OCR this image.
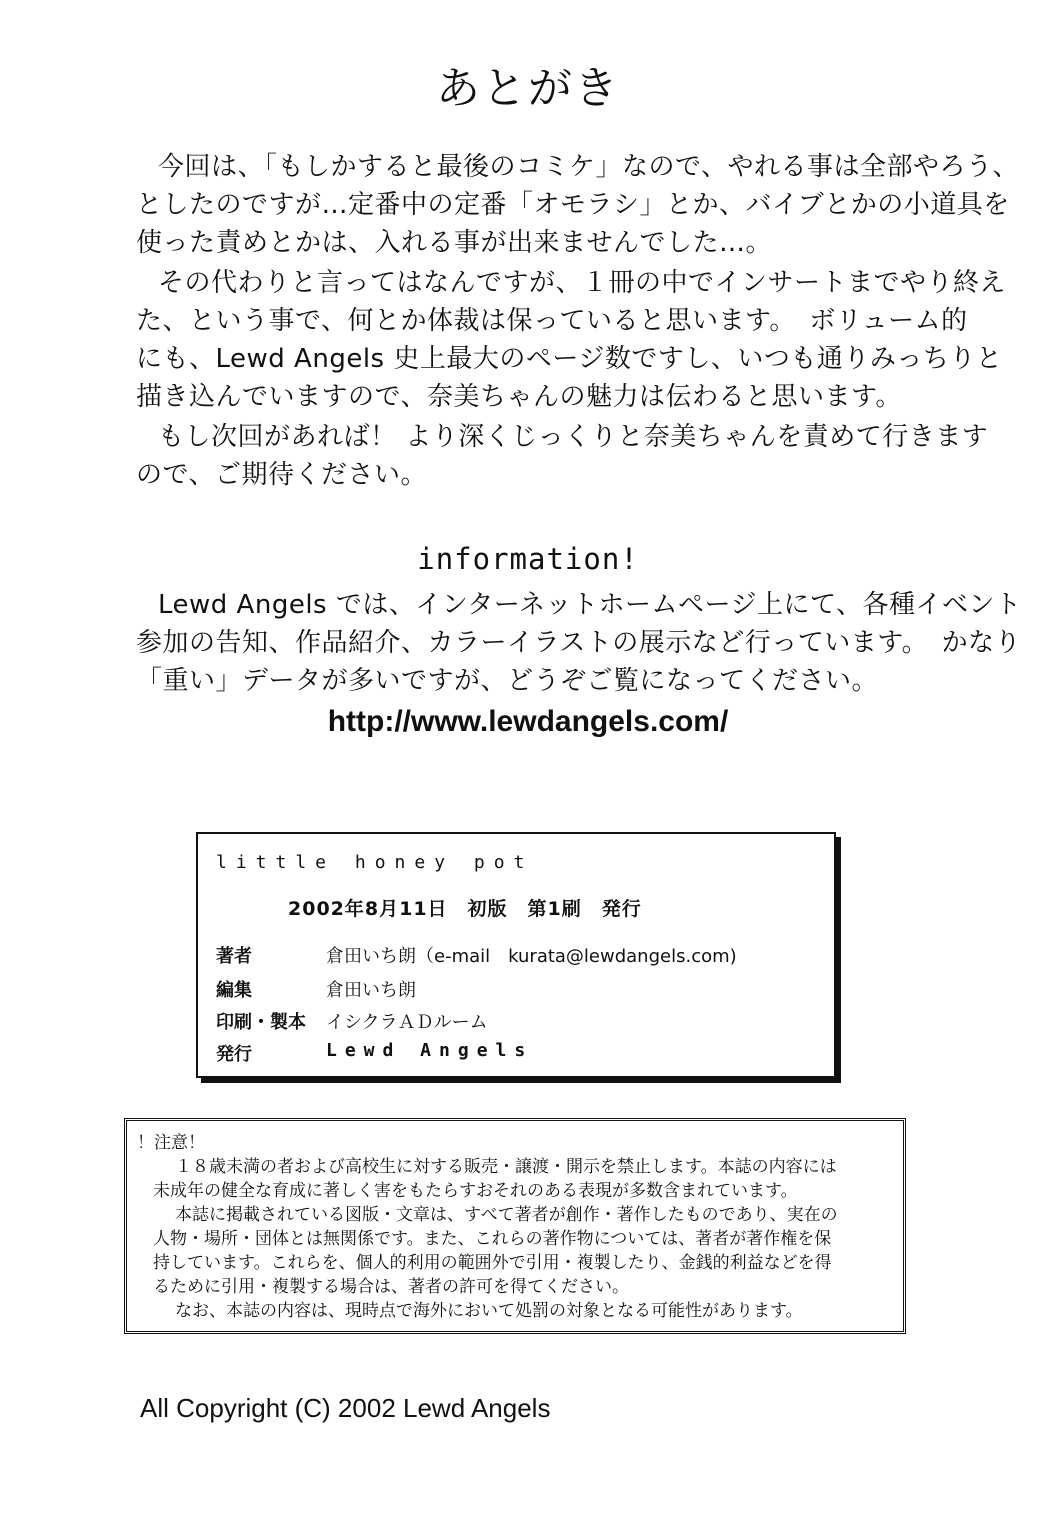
あとがき
今回は、「もしかすると最後のコミケ」なので、やれる事は全部やろう、
としたのですが…定番中の定番「オモラシ」とか、バイブとかの小道具を
使った責めとかは、入れる事が出来ませんでした…。
その代わりと言ってはなんですが、１冊の中でインサートまでやり終え
た、という事で、何とか体裁は保っていると思います。　ボリューム的
にも、Lewd Angels 史上最大のページ数ですし、いつも通りみっちりと
描き込んでいますので、奈美ちゃんの魅力は伝わると思います。
もし次回があれば！ より深くじっくりと奈美ちゃんを責めて行きます
ので、ご期待ください。
information!
Lewd Angels では、インターネットホームページ上にて、各種イベント
参加の告知、作品紹介、カラーイラストの展示など行っています。　かなり
「重い」データが多いですが、どうぞご覧になってください。
http://www.lewdangels.com/
little honey pot
2002年8月11日　初版　第1刷　発行
著者	倉田いち朗（e-mail　kurata@lewdangels.com)
編集	倉田いち朗
印刷・製本 イシクラＡＤルーム
発行	Lewd Angels
！注意！
１８歳未満の者および高校生に対する販売・譲渡・開示を禁止します。本誌の内容には
未成年の健全な育成に著しく害をもたらすおそれのある表現が多数含まれています。
本誌に掲載されている図版・文章は、すべて著者が創作・著作したものであり、実在の
人物・場所・団体とは無関係です。また、これらの著作物については、著者が著作権を保
持しています。これらを、個人的利用の範囲外で引用・複製したり、金銭的利益などを得
るために引用・複製する場合は、著者の許可を得てください。
なお、本誌の内容は、現時点で海外において処罰の対象となる可能性があります。
All Copyright (C) 2002 Lewd Angels
